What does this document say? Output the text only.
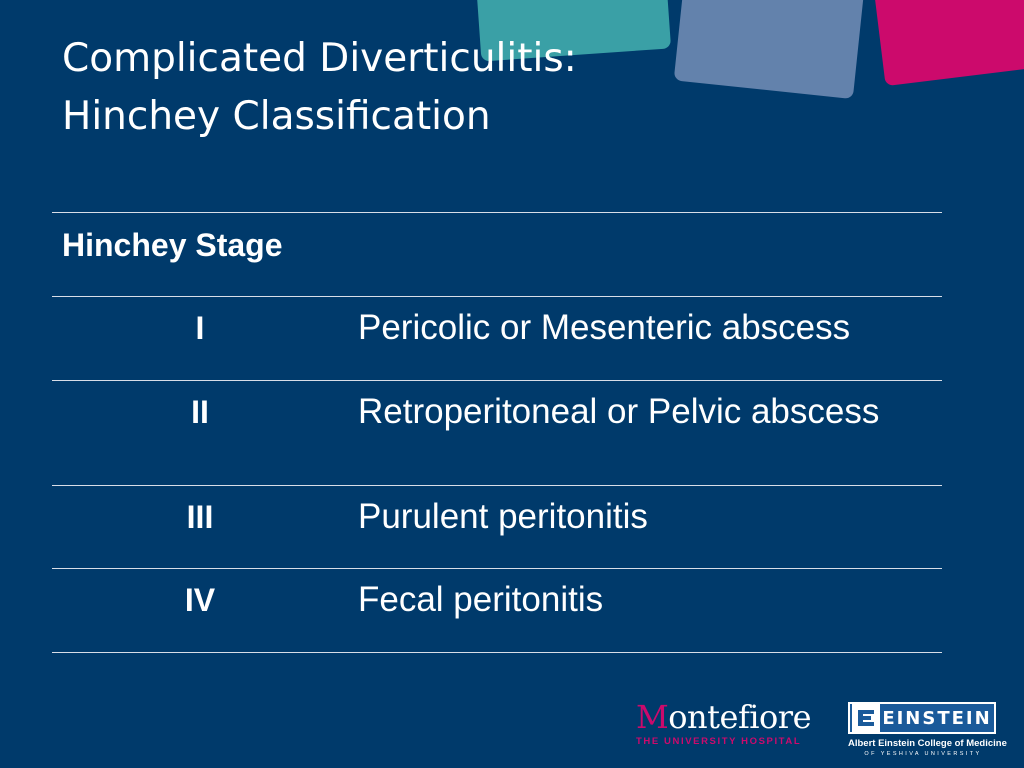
Complicated Diverticulitis:
Hinchey Classification
Hinchey Stage
I	Pericolic or Mesenteric abscess
II	Retroperitoneal or Pelvic abscess
III	Purulent peritonitis
IV	Fecal peritonitis
Montefiore
THE UNIVERSITY HOSPITAL
EINSTEIN
Albert Einstein College of Medicine
OF YESHIVA UNIVERSITY
